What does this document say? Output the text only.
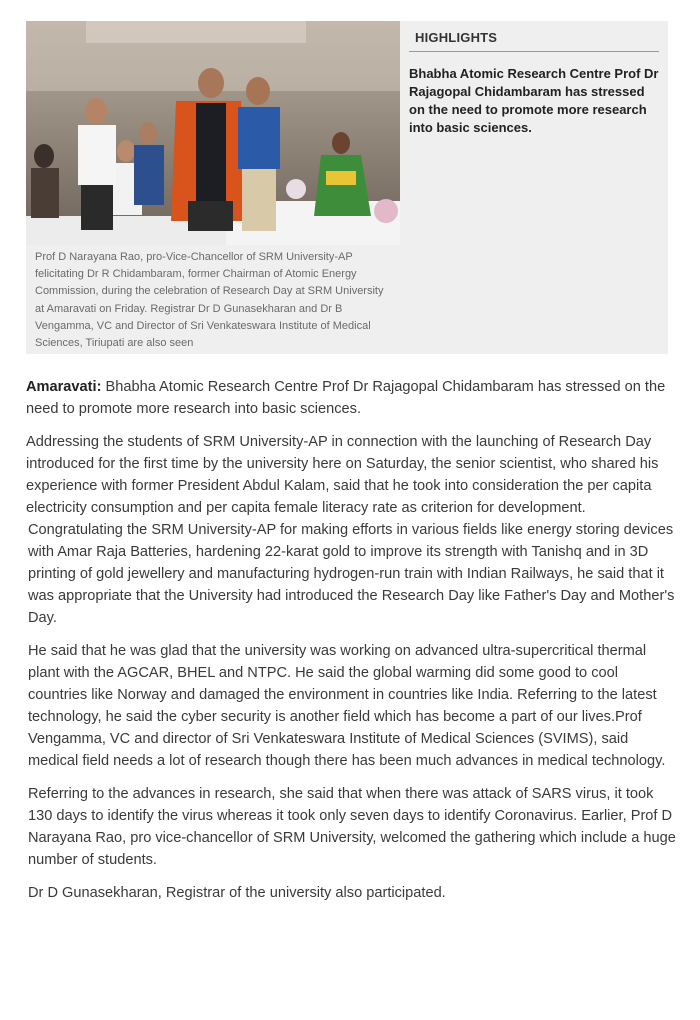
Prof D Narayana Rao, pro-Vice-Chancellor of SRM University-AP felicitating Dr R Chidambaram, former Chairman of Atomic Energy Commission, during the celebration of Research Day at SRM University at Amaravati on Friday. Registrar Dr D Gunasekharan and Dr B Vengamma, VC and Director of Sri Venkateswara Institute of Medical Sciences, Tiriupati are also seen
HIGHLIGHTS
Bhabha Atomic Research Centre Prof Dr Rajagopal Chidambaram has stressed on the need to promote more research into basic sciences.

Amaravati: Bhabha Atomic Research Centre Prof Dr Rajagopal Chidambaram has stressed on the need to promote more research into basic sciences.

Addressing the students of SRM University-AP in connection with the launching of Research Day introduced for the first time by the university here on Saturday, the senior scientist, who shared his experience with former President Abdul Kalam, said that he took into consideration the per capita electricity consumption and per capita female literacy rate as criterion for development.

Congratulating the SRM University-AP for making efforts in various fields like energy storing devices with Amar Raja Batteries, hardening 22-karat gold to improve its strength with Tanishq and in 3D printing of gold jewellery and manufacturing hydrogen-run train with Indian Railways, he said that it was appropriate that the University had introduced the Research Day like Father's Day and Mother's Day.

He said that he was glad that the university was working on advanced ultra-supercritical thermal plant with the AGCAR, BHEL and NTPC. He said the global warming did some good to cool countries like Norway and damaged the environment in countries like India. Referring to the latest technology, he said the cyber security is another field which has become a part of our lives.Prof Vengamma, VC and director of Sri Venkateswara Institute of Medical Sciences (SVIMS), said medical field needs a lot of research though there has been much advances in medical technology.

Referring to the advances in research, she said that when there was attack of SARS virus, it took 130 days to identify the virus whereas it took only seven days to identify Coronavirus. Earlier, Prof D Narayana Rao, pro vice-chancellor of SRM University, welcomed the gathering which include a huge number of students.

Dr D Gunasekharan, Registrar of the university also participated.
